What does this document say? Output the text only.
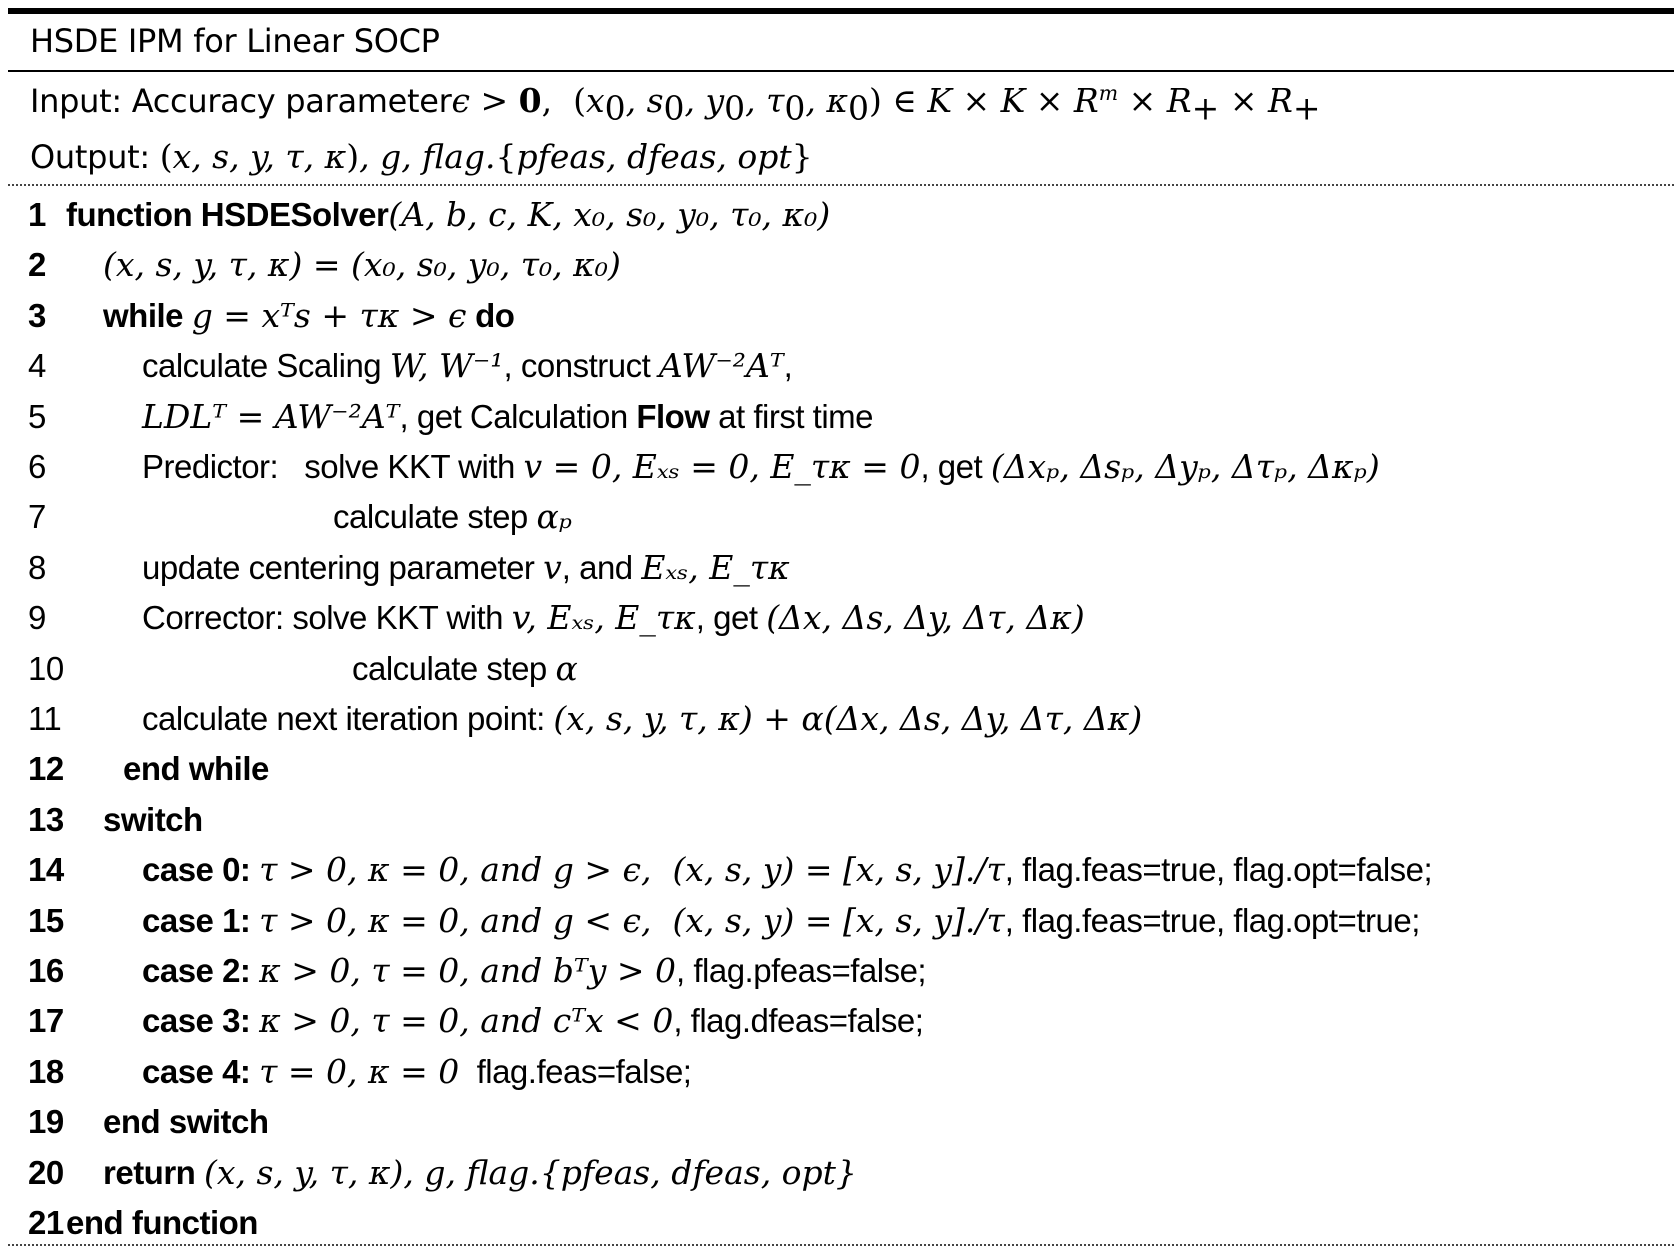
HSDE IPM for Linear SOCP
Input: Accuracy parameterϵ > 0,  ($x_0$, $s_0$, $y_0$, $\tau_0$, $\kappa_0$) ∈ $K \times K \times R^m \times R_+ \times R_+$
Output: (x, s, y, τ, κ), g, flag.{pfeas, dfeas, opt}
1 function HSDESolver(A, b, c, K, x₀, s₀, y₀, τ₀, κ₀)
2 (x, s, y, τ, κ) = (x₀, s₀, y₀, τ₀, κ₀)
3 while g = xᵀs + τκ > ϵ do
4	calculate Scaling W, W⁻¹, construct AW⁻²Aᵀ,
5	LDLᵀ = AW⁻²Aᵀ, get Calculation Flow at first time
6	Predictor:   solve KKT with v = 0, Eₓₛ = 0, E_τκ = 0, get (Δxₚ, Δsₚ, Δyₚ, Δτₚ, Δκₚ)
7	calculate step αₚ
8	update centering parameter v, and Eₓₛ, E_τκ
9	Corrector: solve KKT with v, Eₓₛ, E_τκ, get (Δx, Δs, Δy, Δτ, Δκ)
10	calculate step α
11 calculate next iteration point: (x, s, y, τ, κ) + α(Δx, Δs, Δy, Δτ, Δκ)
12 end while
13 switch
14 case 0: τ > 0, κ = 0, and g > ϵ,  (x, s, y) = [x, s, y]./τ, flag.feas=true, flag.opt=false;
15 case 1: τ > 0, κ = 0, and g < ϵ,  (x, s, y) = [x, s, y]./τ, flag.feas=true, flag.opt=true;
16 case 2: κ > 0, τ = 0, and bᵀy > 0, flag.pfeas=false;
17 case 3: κ > 0, τ = 0, and cᵀx < 0, flag.dfeas=false;
18 case 4: τ = 0, κ = 0  flag.feas=false;
19 end switch
20 return (x, s, y, τ, κ), g, flag.{pfeas, dfeas, opt}
21 end function
